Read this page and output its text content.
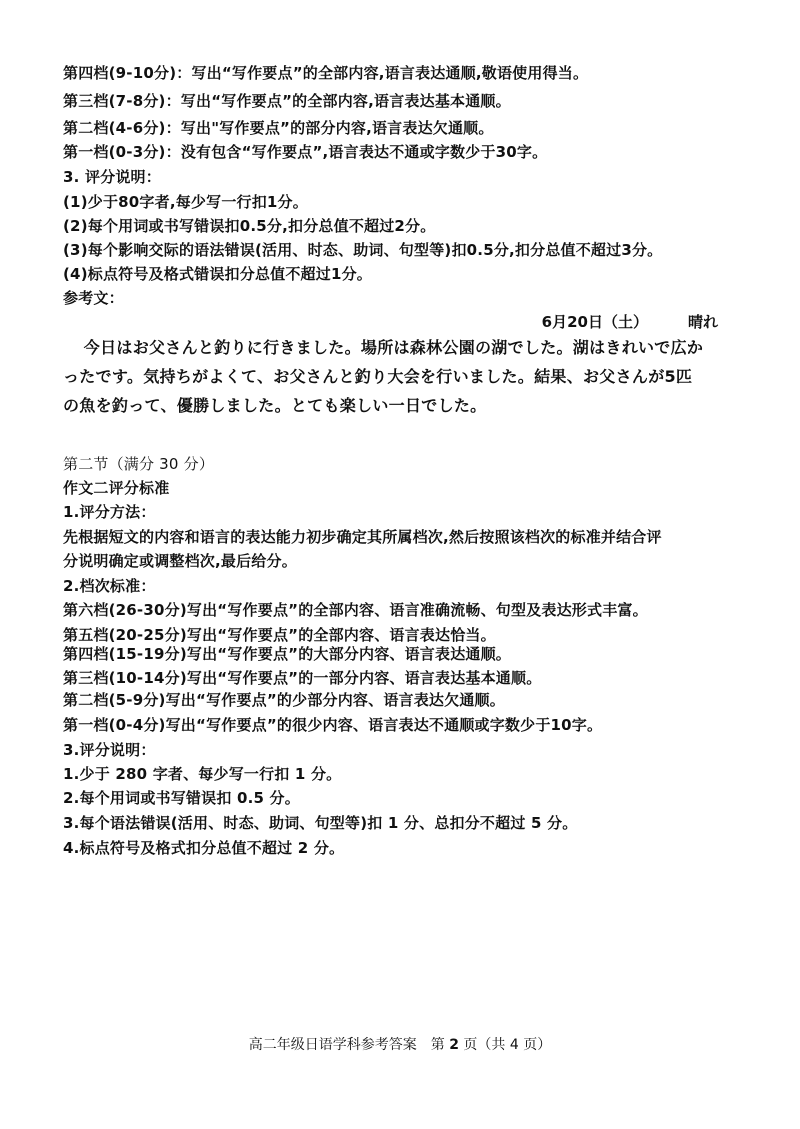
第四档(9-10分)：写出“写作要点”的全部内容,语言表达通顺,敬语使用得当。
第三档(7-8分)：写出“写作要点”的全部内容,语言表达基本通顺。
第二档(4-6分)：写出"写作要点”的部分内容,语言表达欠通顺。
第一档(0-3分)：没有包含“写作要点”,语言表达不通或字数少于30字。
3. 评分说明：
(1)少于80字者,每少写一行扣1分。
(2)每个用词或书写错误扣0.5分,扣分总值不超过2分。
(3)每个影响交际的语法错误(活用、时态、助词、句型等)扣0.5分,扣分总值不超过3分。
(4)标点符号及格式错误扣分总值不超过1分。
参考文：
6月20日（土）	晴れ
今日はお父さんと釣りに行きました。場所は森林公園の湖でした。湖はきれいで広か
ったです。気持ちがよくて、お父さんと釣り大会を行いました。結果、お父さんが5匹
の魚を釣って、優勝しました。とても楽しい一日でした。
第二节（满分 30 分）
作文二评分标准
1.评分方法：
先根据短文的内容和语言的表达能力初步确定其所属档次,然后按照该档次的标准并结合评
分说明确定或调整档次,最后给分。
2.档次标准：
第六档(26-30分)写出“写作要点”的全部内容、语言准确流畅、句型及表达形式丰富。
第五档(20-25分)写出“写作要点”的全部内容、语言表达恰当。
第四档(15-19分)写出“写作要点”的大部分内容、语言表达通顺。
第三档(10-14分)写出“写作要点”的一部分内容、语言表达基本通顺。
第二档(5-9分)写出“写作要点”的少部分内容、语言表达欠通顺。
第一档(0-4分)写出“写作要点”的很少内容、语言表达不通顺或字数少于10字。
3.评分说明：
1.少于 280 字者、每少写一行扣 1 分。
2.每个用词或书写错误扣 0.5 分。
3.每个语法错误(活用、时态、助词、句型等)扣 1 分、总扣分不超过 5 分。
4.标点符号及格式扣分总值不超过 2 分。
高二年级日语学科参考答案　第 2 页（共 4 页）
